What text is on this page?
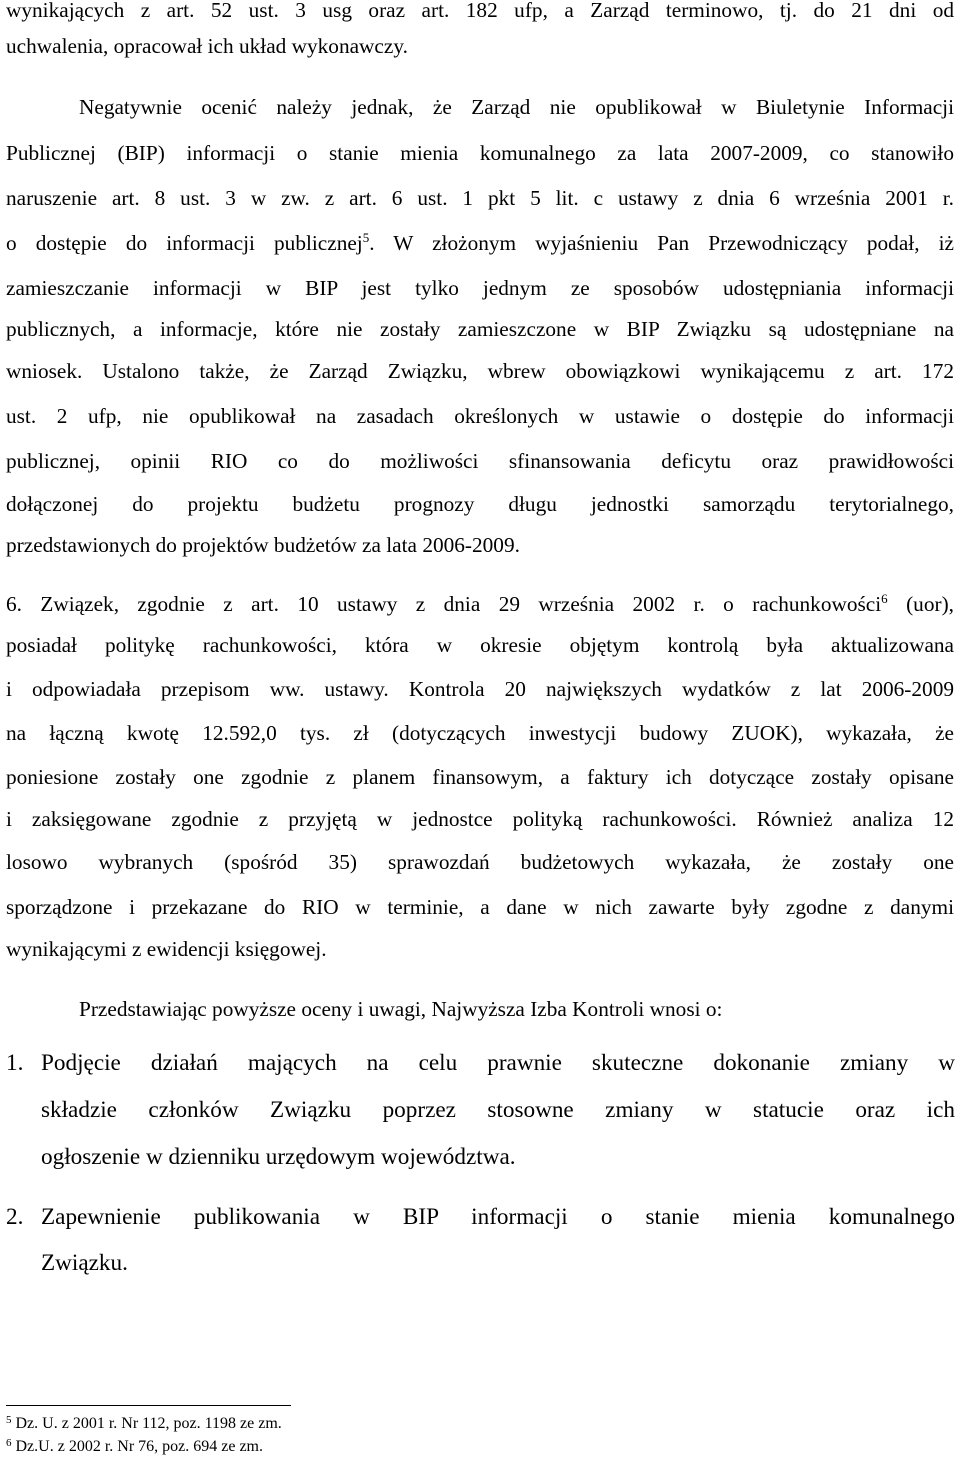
wynikających z art. 52 ust. 3 usg oraz art. 182 ufp, a Zarząd terminowo, tj. do 21 dni od

uchwalenia, opracował ich układ wykonawczy.

Negatywnie ocenić należy jednak, że Zarząd nie opublikował w Biuletynie Informacji

Publicznej (BIP) informacji o stanie mienia komunalnego za lata 2007-2009, co stanowiło

naruszenie art. 8 ust. 3 w zw. z art. 6 ust. 1 pkt 5 lit. c ustawy z dnia 6 września 2001 r.

o dostępie do informacji publicznej$^5$. W złożonym wyjaśnieniu Pan Przewodniczący podał, iż

zamieszczanie informacji w BIP jest tylko jednym ze sposobów udostępniania informacji

publicznych, a informacje, które nie zostały zamieszczone w BIP Związku są udostępniane na

wniosek. Ustalono także, że Zarząd Związku, wbrew obowiązkowi wynikającemu z art. 172

ust. 2 ufp, nie opublikował na zasadach określonych w ustawie o dostępie do informacji

publicznej, opinii RIO co do możliwości sfinansowania deficytu oraz prawidłowości

dołączonej do projektu budżetu prognozy długu jednostki samorządu terytorialnego,

przedstawionych do projektów budżetów za lata 2006-2009.

6. Związek, zgodnie z art. 10 ustawy z dnia 29 września 2002 r. o rachunkowości$^6$ (uor),

posiadał politykę rachunkowości, która w okresie objętym kontrolą była aktualizowana

i odpowiadała przepisom ww. ustawy. Kontrola 20 największych wydatków z lat 2006-2009

na łączną kwotę 12.592,0 tys. zł (dotyczących inwestycji budowy ZUOK), wykazała, że

poniesione zostały one zgodnie z planem finansowym, a faktury ich dotyczące zostały opisane

i zaksięgowane zgodnie z przyjętą w jednostce polityką rachunkowości. Również analiza 12

losowo wybranych (spośród 35) sprawozdań budżetowych wykazała, że zostały one

sporządzone i przekazane do RIO w terminie, a dane w nich zawarte były zgodne z danymi

wynikającymi z ewidencji księgowej.

Przedstawiając powyższe oceny i uwagi, Najwyższa Izba Kontroli wnosi o:

1. Podjęcie działań mających na celu prawnie skuteczne dokonanie zmiany w

składzie członków Związku poprzez stosowne zmiany w statucie oraz ich

ogłoszenie w dzienniku urzędowym województwa.

2. Zapewnienie publikowania w BIP informacji o stanie mienia komunalnego

Związku.

$^5$ Dz. U. z 2001 r. Nr 112, poz. 1198 ze zm.

$^6$ Dz.U. z 2002 r. Nr 76, poz. 694 ze zm.
